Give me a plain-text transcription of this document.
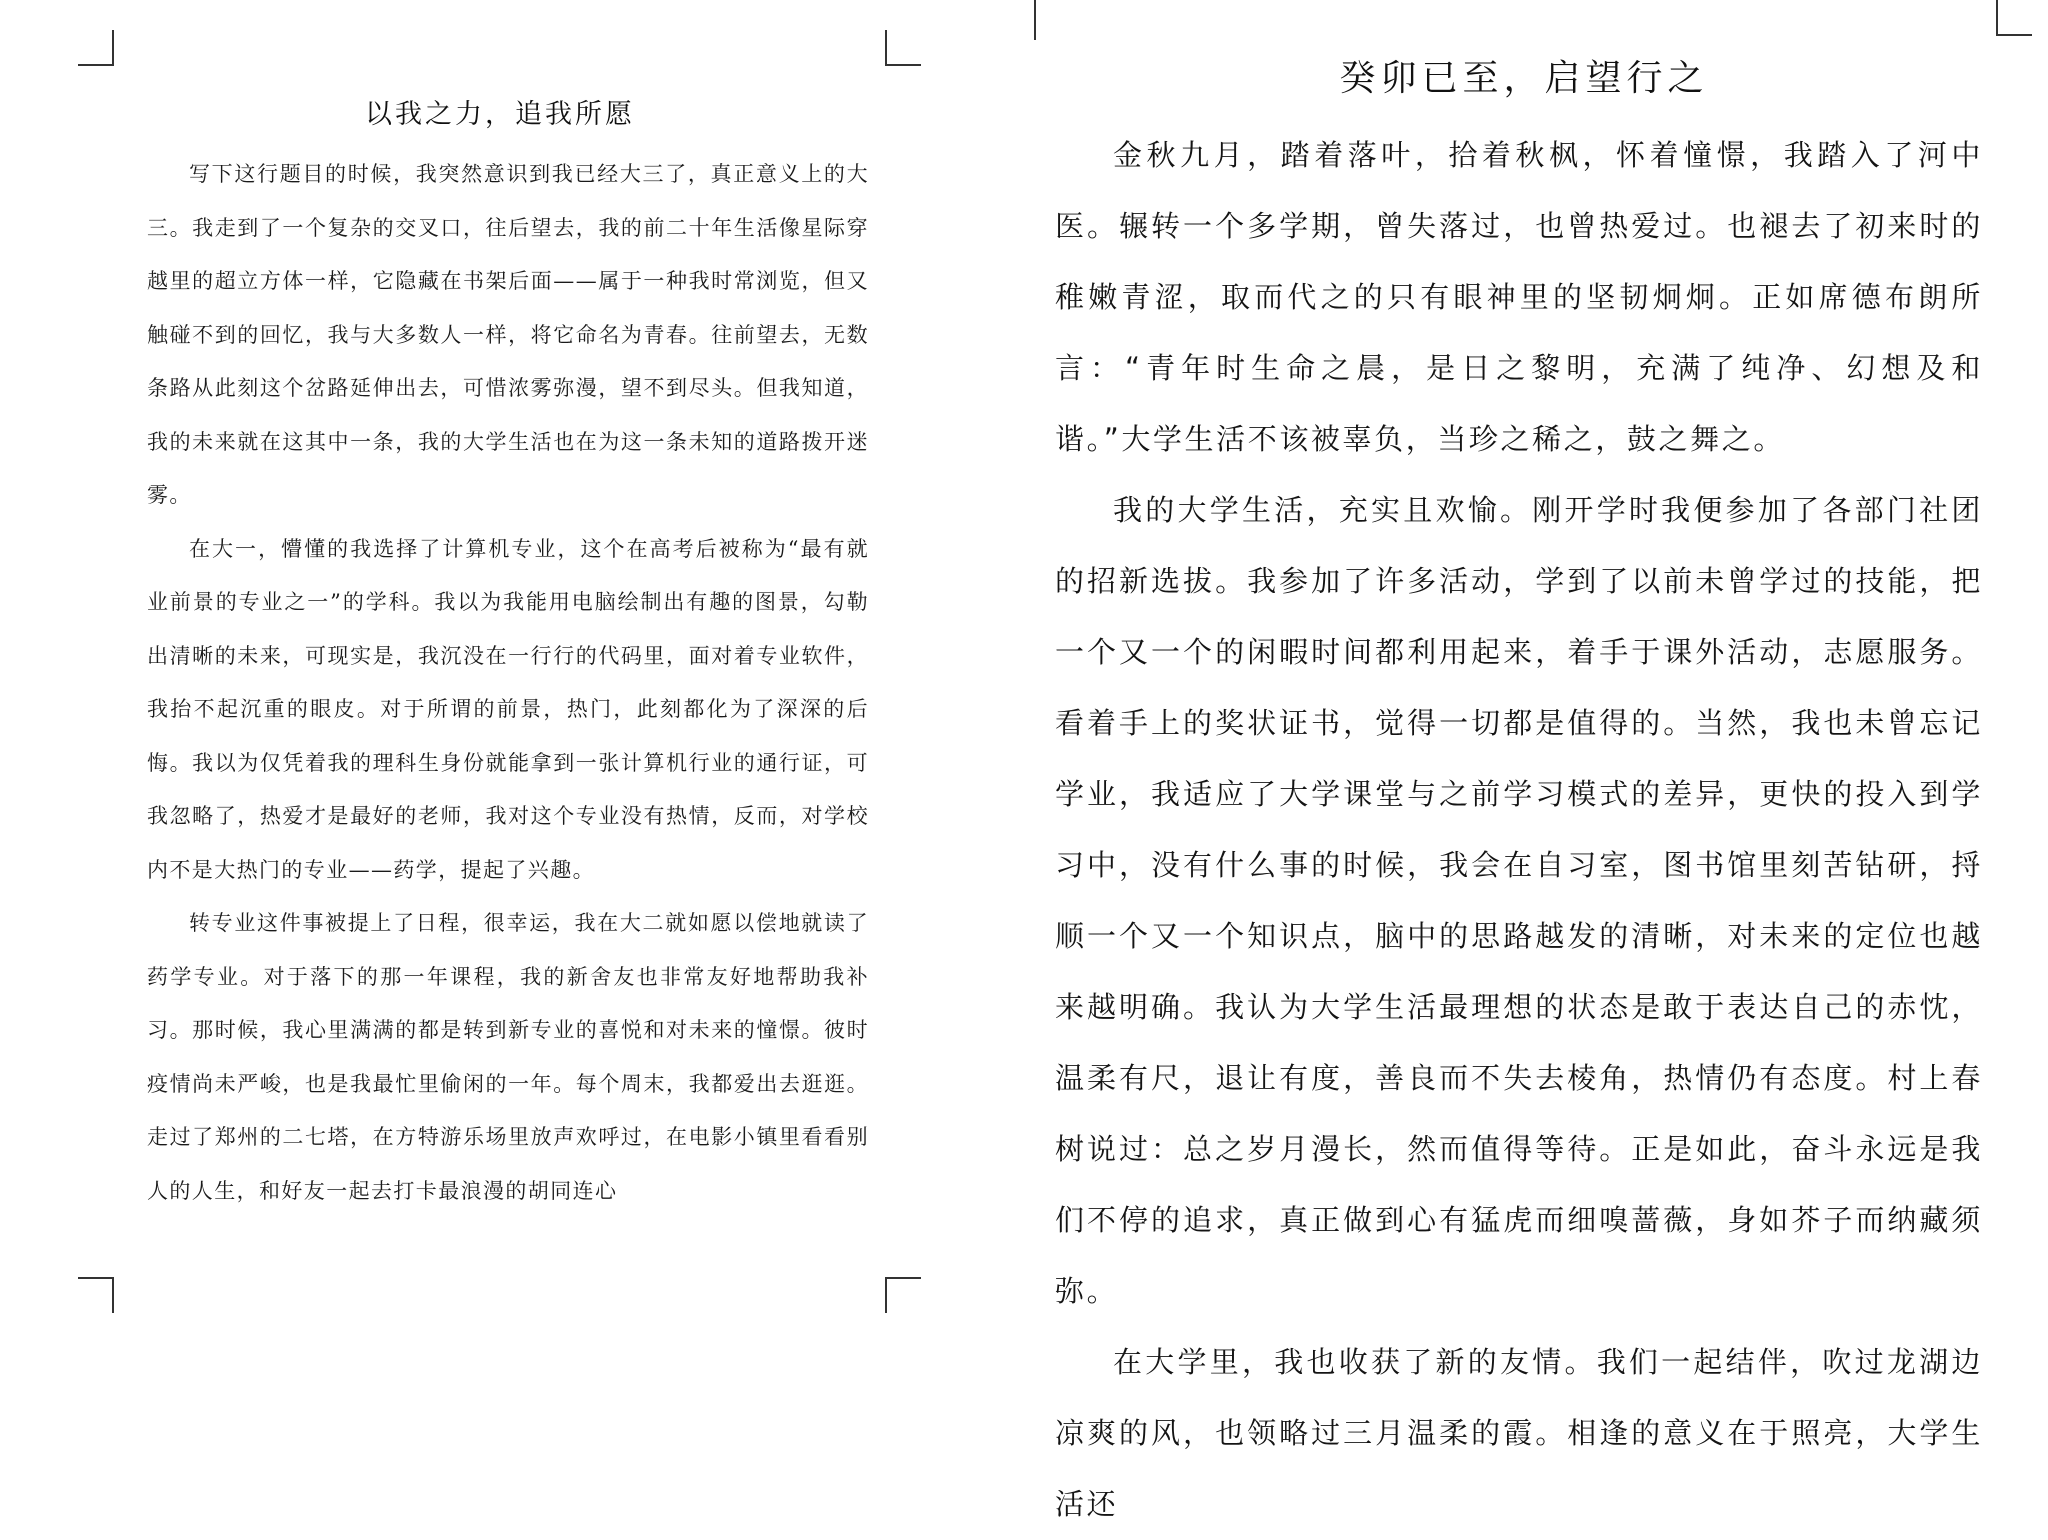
以我之力，追我所愿

写下这行题目的时候，我突然意识到我已经大三了，真正意义上的大三。我走到了一个复杂的交叉口，往后望去，我的前二十年生活像星际穿越里的超立方体一样，它隐藏在书架后面——属于一种我时常浏览，但又触碰不到的回忆，我与大多数人一样，将它命名为青春。往前望去，无数条路从此刻这个岔路延伸出去，可惜浓雾弥漫，望不到尽头。但我知道，我的未来就在这其中一条，我的大学生活也在为这一条未知的道路拨开迷雾。

在大一，懵懂的我选择了计算机专业，这个在高考后被称为“最有就业前景的专业之一”的学科。我以为我能用电脑绘制出有趣的图景，勾勒出清晰的未来，可现实是，我沉没在一行行的代码里，面对着专业软件，我抬不起沉重的眼皮。对于所谓的前景，热门，此刻都化为了深深的后悔。我以为仅凭着我的理科生身份就能拿到一张计算机行业的通行证，可我忽略了，热爱才是最好的老师，我对这个专业没有热情，反而，对学校内不是大热门的专业——药学，提起了兴趣。

转专业这件事被提上了日程，很幸运，我在大二就如愿以偿地就读了药学专业。对于落下的那一年课程，我的新舍友也非常友好地帮助我补习。那时候，我心里满满的都是转到新专业的喜悦和对未来的憧憬。彼时疫情尚未严峻，也是我最忙里偷闲的一年。每个周末，我都爱出去逛逛。走过了郑州的二七塔，在方特游乐场里放声欢呼过，在电影小镇里看看别人的人生，和好友一起去打卡最浪漫的胡同连心

癸卯已至，启望行之

金秋九月，踏着落叶，拾着秋枫，怀着憧憬，我踏入了河中医。辗转一个多学期，曾失落过，也曾热爱过。也褪去了初来时的稚嫩青涩，取而代之的只有眼神里的坚韧炯炯。正如席德布朗所言：“青年时生命之晨，是日之黎明，充满了纯净、幻想及和谐。”大学生活不该被辜负，当珍之稀之，鼓之舞之。

我的大学生活，充实且欢愉。刚开学时我便参加了各部门社团的招新选拔。我参加了许多活动，学到了以前未曾学过的技能，把一个又一个的闲暇时间都利用起来，着手于课外活动，志愿服务。看着手上的奖状证书，觉得一切都是值得的。当然，我也未曾忘记学业，我适应了大学课堂与之前学习模式的差异，更快的投入到学习中，没有什么事的时候，我会在自习室，图书馆里刻苦钻研，捋顺一个又一个知识点，脑中的思路越发的清晰，对未来的定位也越来越明确。我认为大学生活最理想的状态是敢于表达自己的赤忱，温柔有尺，退让有度，善良而不失去棱角，热情仍有态度。村上春树说过：总之岁月漫长，然而值得等待。正是如此，奋斗永远是我们不停的追求，真正做到心有猛虎而细嗅蔷薇，身如芥子而纳藏须弥。

在大学里，我也收获了新的友情。我们一起结伴，吹过龙湖边凉爽的风，也领略过三月温柔的霞。相逢的意义在于照亮，大学生活还
